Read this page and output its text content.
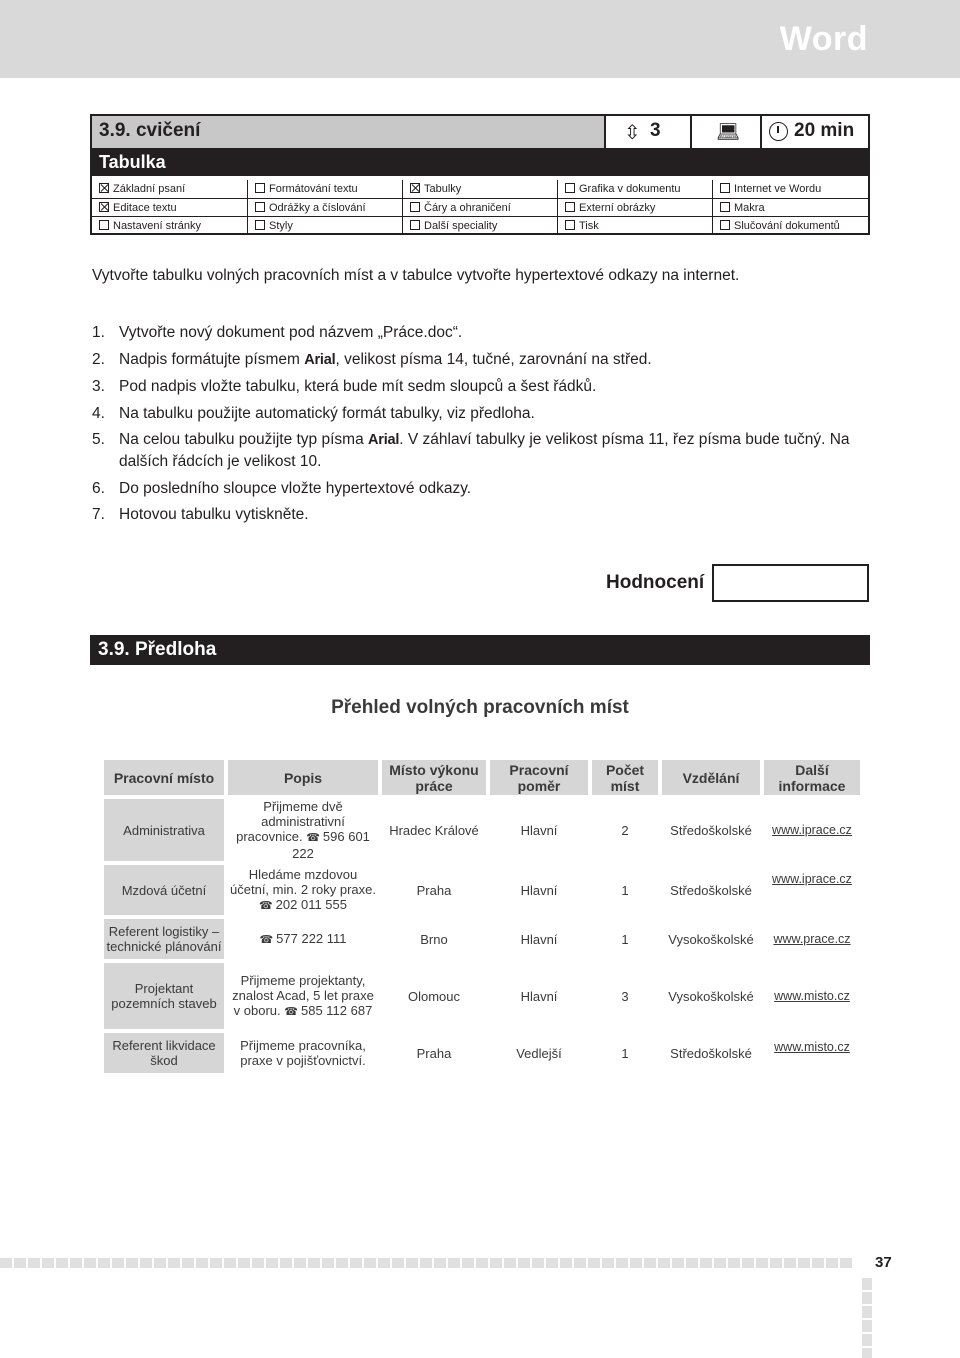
Word
3.9. cvičení	⇳ 3	💻︎	20 min
Tabulka
Základní psaní	Formátování textu	Tabulky	Grafika v dokumentu	Internet ve Wordu
Editace textu	Odrážky a číslování	Čáry a ohraničení	Externí obrázky	Makra
Nastavení stránky	Styly	Další speciality	Tisk	Slučování dokumentů
Vytvořte tabulku volných pracovních míst a v tabulce vytvořte hypertextové odkazy na internet.
1. Vytvořte nový dokument pod názvem „Práce.doc“.
2. Nadpis formátujte písmem Arial, velikost písma 14, tučné, zarovnání na střed.
3. Pod nadpis vložte tabulku, která bude mít sedm sloupců a šest řádků.
4. Na tabulku použijte automatický formát tabulky, viz předloha.
5. Na celou tabulku použijte typ písma Arial. V záhlaví tabulky je velikost písma 11, řez písma bude tučný. Na dalších řádcích je velikost 10.
6. Do posledního sloupce vložte hypertextové odkazy.
7. Hotovou tabulku vytiskněte.
Hodnocení
3.9. Předloha
Přehled volných pracovních míst
Pracovní místo	Popis	Místo výkonu práce	Pracovní poměr	Počet míst	Vzdělání	Další informace
Administrativa	Přijmeme dvě administrativní pracovnice. ☎ 596 601 222	Hradec Králové	Hlavní	2	Středoškolské	www.iprace.cz
Mzdová účetní	Hledáme mzdovou účetní, min. 2 roky praxe. ☎ 202 011 555	Praha	Hlavní	1	Středoškolské	www.iprace.cz
Referent logistiky – technické plánování	☎ 577 222 111	Brno	Hlavní	1	Vysokoškolské	www.prace.cz
Projektant pozemních staveb	Přijmeme projektanty, znalost Acad, 5 let praxe v oboru. ☎ 585 112 687	Olomouc	Hlavní	3	Vysokoškolské	www.misto.cz
Referent likvidace škod	Přijmeme pracovníka, praxe v pojišťovnictví.	Praha	Vedlejší	1	Středoškolské	www.misto.cz
37
